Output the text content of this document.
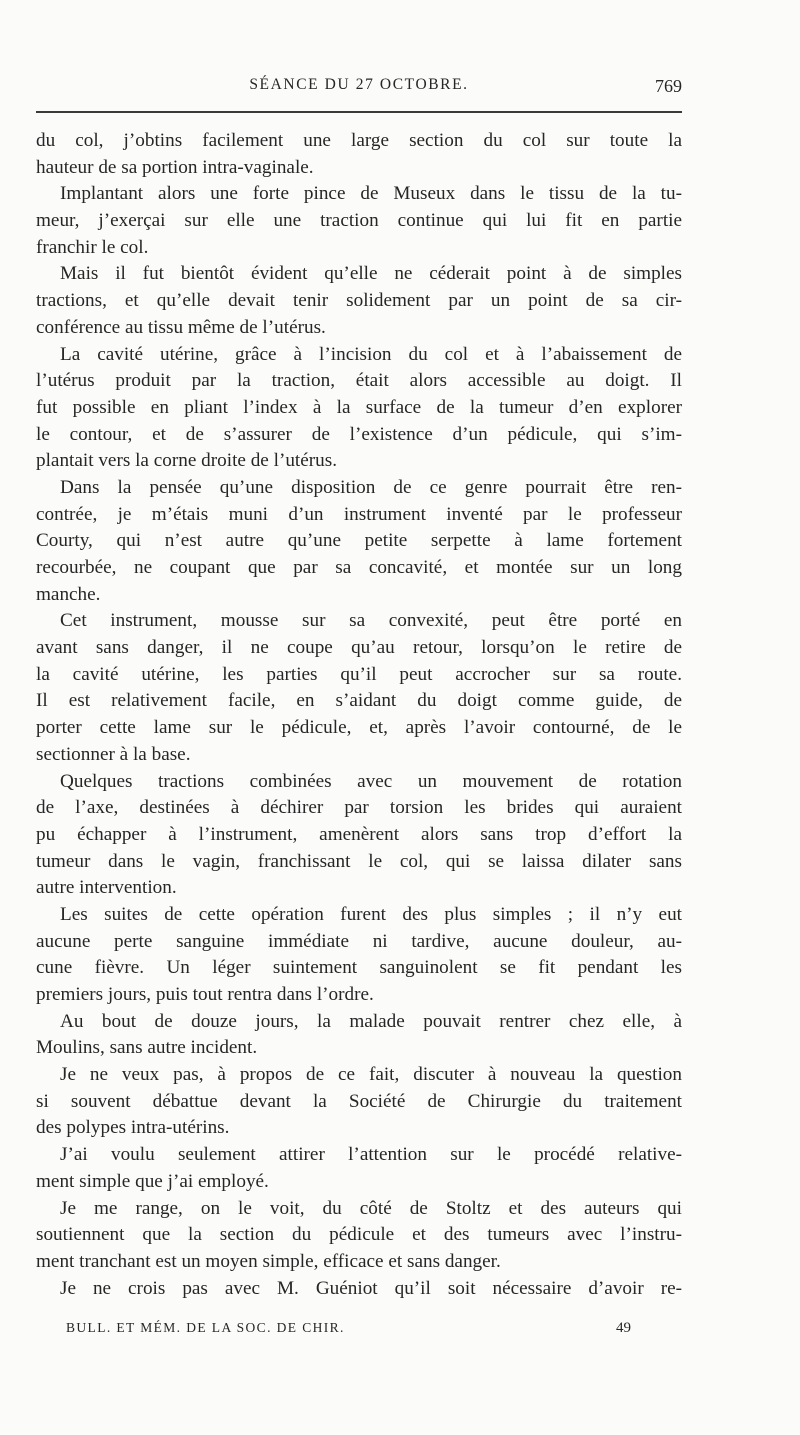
SÉANCE DU 27 OCTOBRE.	769
du col, j’obtins facilement une large section du col sur toute la
hauteur de sa portion intra-vaginale.
Implantant alors une forte pince de Museux dans le tissu de la tu-
meur, j’exerçai sur elle une traction continue qui lui fit en partie
franchir le col.
Mais il fut bientôt évident qu’elle ne céderait point à de simples
tractions, et qu’elle devait tenir solidement par un point de sa cir-
conférence au tissu même de l’utérus.
La cavité utérine, grâce à l’incision du col et à l’abaissement de
l’utérus produit par la traction, était alors accessible au doigt. Il
fut possible en pliant l’index à la surface de la tumeur d’en explorer
le contour, et de s’assurer de l’existence d’un pédicule, qui s’im-
plantait vers la corne droite de l’utérus.
Dans la pensée qu’une disposition de ce genre pourrait être ren-
contrée, je m’étais muni d’un instrument inventé par le professeur
Courty, qui n’est autre qu’une petite serpette à lame fortement
recourbée, ne coupant que par sa concavité, et montée sur un long
manche.
Cet instrument, mousse sur sa convexité, peut être porté en
avant sans danger, il ne coupe qu’au retour, lorsqu’on le retire de
la cavité utérine, les parties qu’il peut accrocher sur sa route.
Il est relativement facile, en s’aidant du doigt comme guide, de
porter cette lame sur le pédicule, et, après l’avoir contourné, de le
sectionner à la base.
Quelques tractions combinées avec un mouvement de rotation
de l’axe, destinées à déchirer par torsion les brides qui auraient
pu échapper à l’instrument, amenèrent alors sans trop d’effort la
tumeur dans le vagin, franchissant le col, qui se laissa dilater sans
autre intervention.
Les suites de cette opération furent des plus simples ; il n’y eut
aucune perte sanguine immédiate ni tardive, aucune douleur, au-
cune fièvre. Un léger suintement sanguinolent se fit pendant les
premiers jours, puis tout rentra dans l’ordre.
Au bout de douze jours, la malade pouvait rentrer chez elle, à
Moulins, sans autre incident.
Je ne veux pas, à propos de ce fait, discuter à nouveau la question
si souvent débattue devant la Société de Chirurgie du traitement
des polypes intra-utérins.
J’ai voulu seulement attirer l’attention sur le procédé relative-
ment simple que j’ai employé.
Je me range, on le voit, du côté de Stoltz et des auteurs qui
soutiennent que la section du pédicule et des tumeurs avec l’instru-
ment tranchant est un moyen simple, efficace et sans danger.
Je ne crois pas avec M. Guéniot qu’il soit nécessaire d’avoir re-
BULL. ET MÉM. DE LA SOC. DE CHIR.	49
